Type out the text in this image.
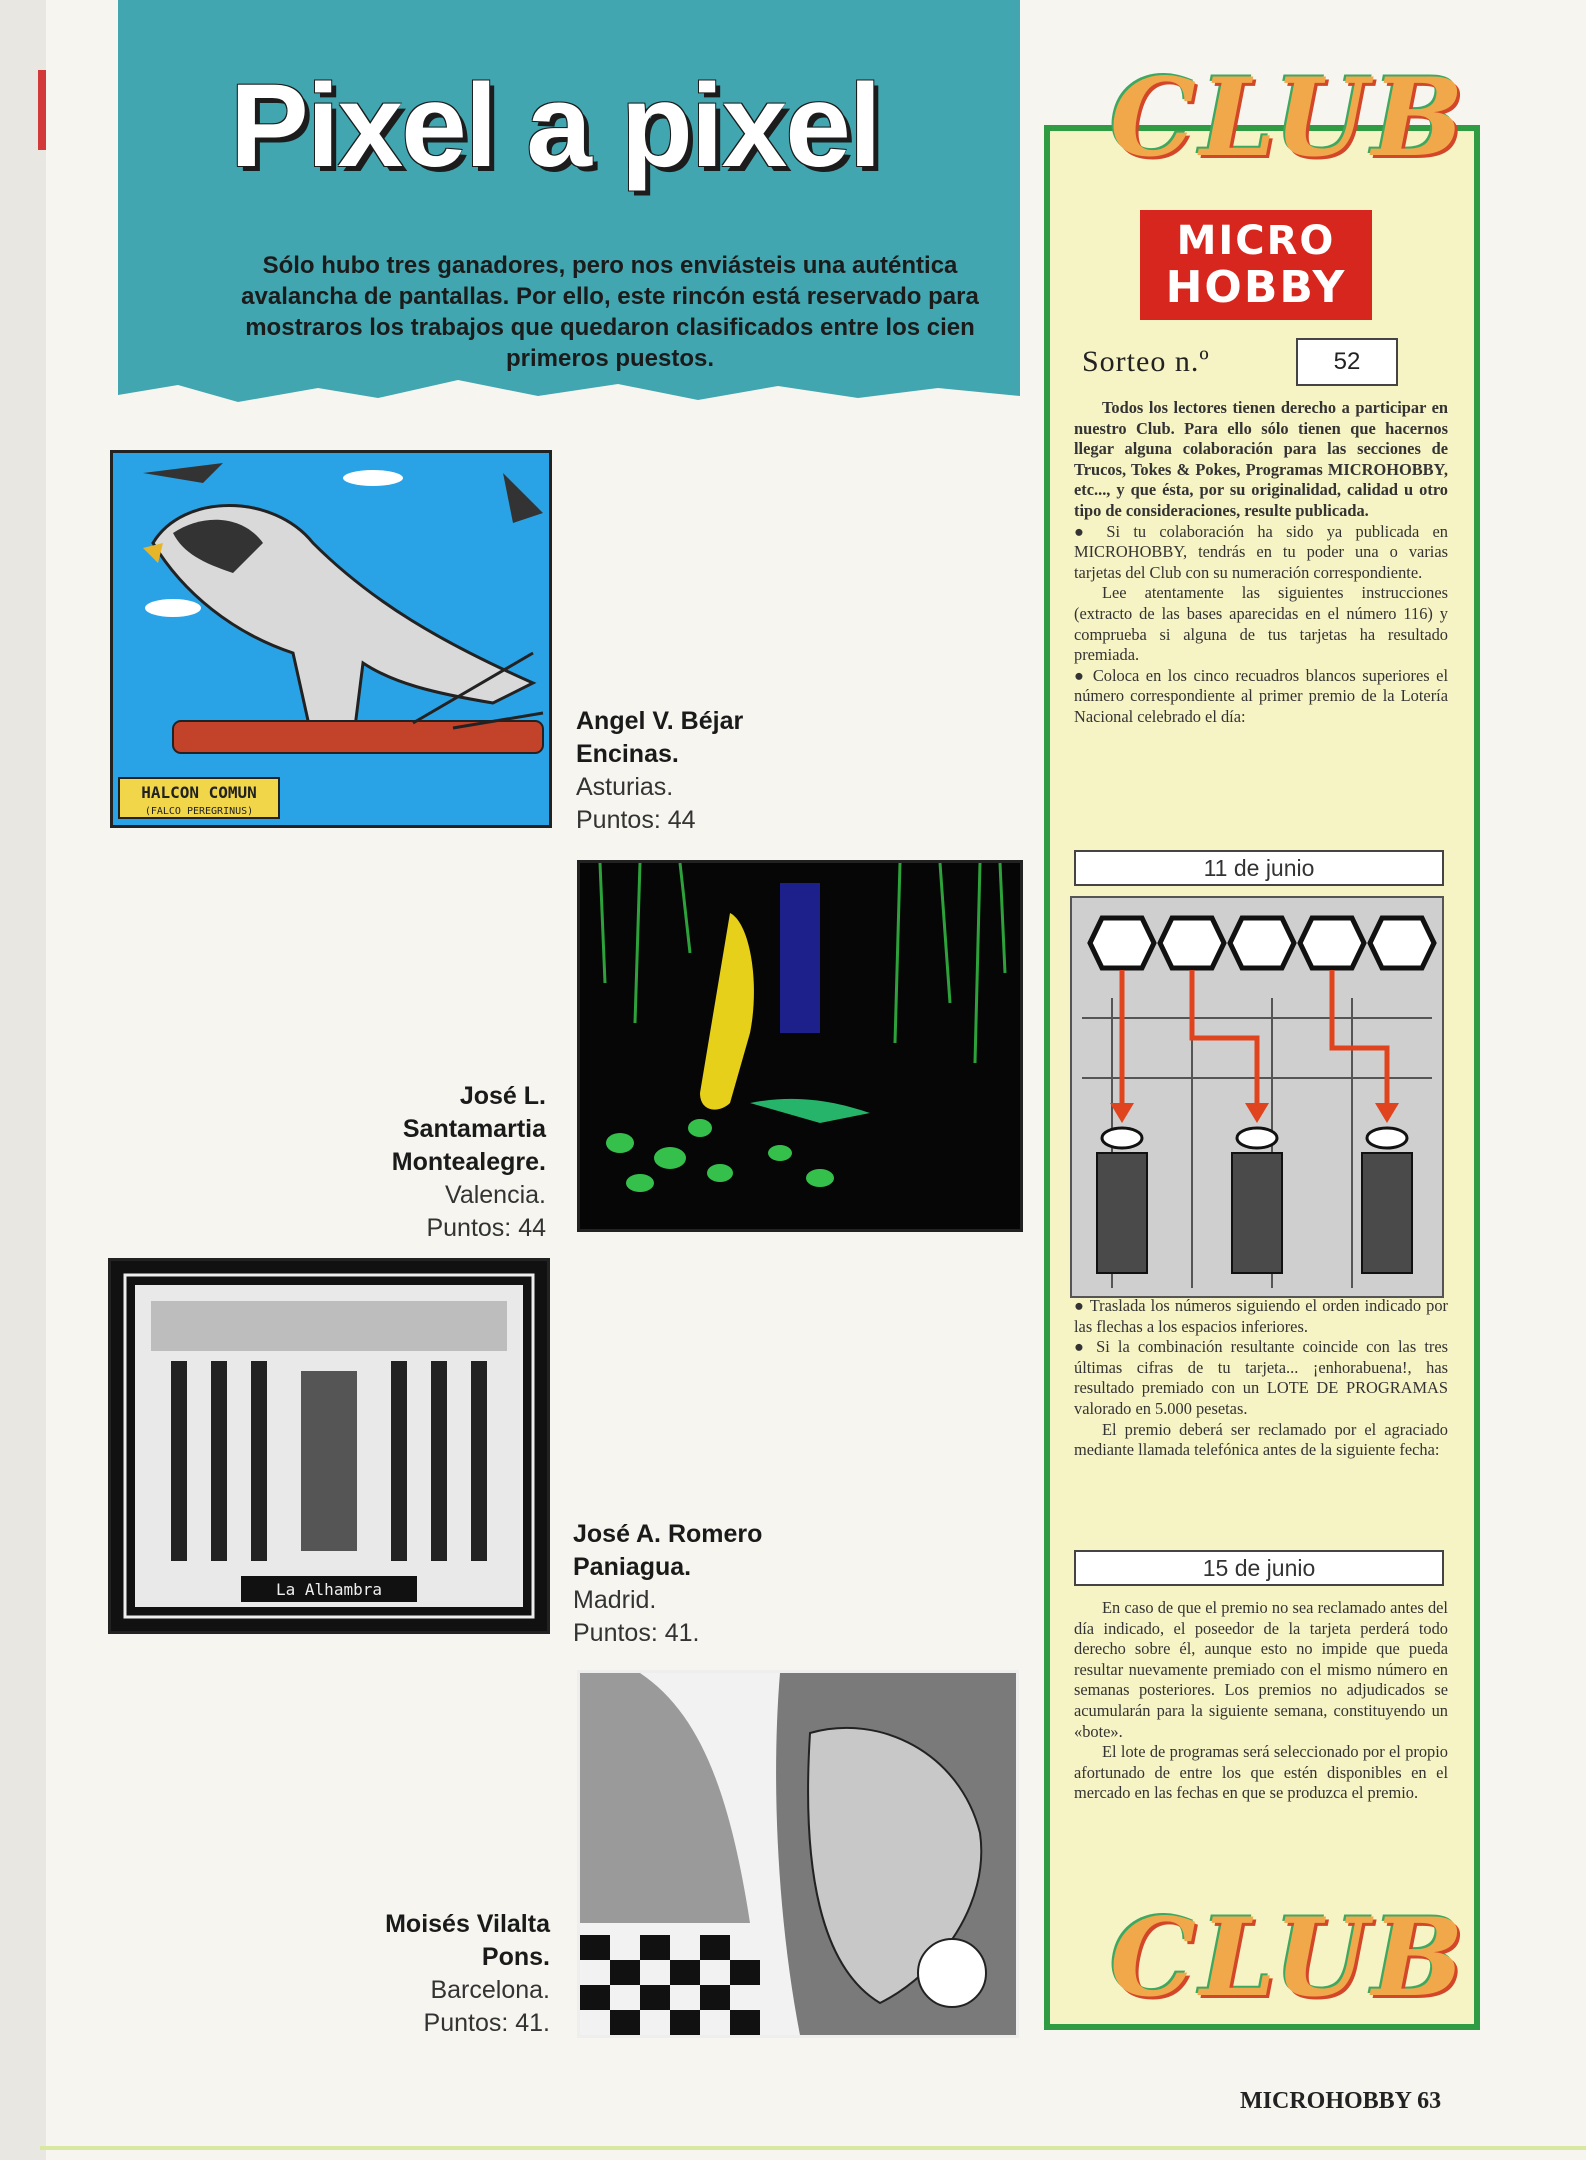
Pixel a pixel
Sólo hubo tres ganadores, pero nos enviásteis una auténtica avalancha de pantallas. Por ello, este rincón está reservado para mostraros los trabajos que quedaron clasificados entre los cien primeros puestos.
HALCON COMUN
(FALCO PEREGRINUS)
Angel V. Béjar
Encinas.
Asturias.
Puntos: 44
José L.
Santamartia
Montealegre.
Valencia.
Puntos: 44
La Alhambra
José A. Romero
Paniagua.
Madrid.
Puntos: 41.
Moisés Vilalta
Pons.
Barcelona.
Puntos: 41.
CLUB
MICRO
HOBBY
Sorteo n.º	52
Todos los lectores tienen derecho a participar en nuestro Club. Para ello sólo tienen que hacernos llegar alguna colaboración para las secciones de Trucos, Tokes & Pokes, Programas MICROHOBBY, etc..., y que ésta, por su originalidad, calidad u otro tipo de consideraciones, resulte publicada.
● Si tu colaboración ha sido ya publicada en MICROHOBBY, tendrás en tu poder una o varias tarjetas del Club con su numeración correspondiente.
Lee atentamente las siguientes instrucciones (extracto de las bases aparecidas en el número 116) y comprueba si alguna de tus tarjetas ha resultado premiada.
● Coloca en los cinco recuadros blancos superiores el número correspondiente al primer premio de la Lotería Nacional celebrado el día:
11 de junio
● Traslada los números siguiendo el orden indicado por las flechas a los espacios inferiores.
● Si la combinación resultante coincide con las tres últimas cifras de tu tarjeta... ¡enhorabuena!, has resultado premiado con un LOTE DE PROGRAMAS valorado en 5.000 pesetas.
El premio deberá ser reclamado por el agraciado mediante llamada telefónica antes de la siguiente fecha:
15 de junio
En caso de que el premio no sea reclamado antes del día indicado, el poseedor de la tarjeta perderá todo derecho sobre él, aunque esto no impide que pueda resultar nuevamente premiado con el mismo número en semanas posteriores. Los premios no adjudicados se acumularán para la siguiente semana, constituyendo un «bote».
El lote de programas será seleccionado por el propio afortunado de entre los que estén disponibles en el mercado en las fechas en que se produzca el premio.
CLUB
MICROHOBBY 63
